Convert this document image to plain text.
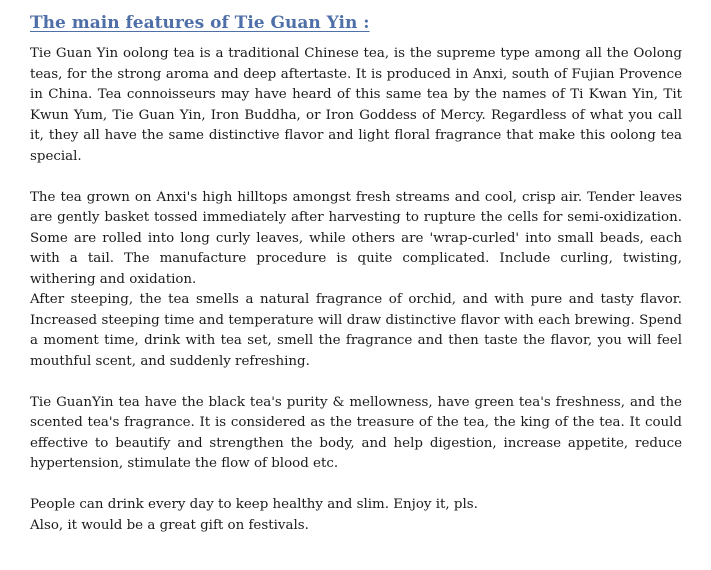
The main features of Tie Guan Yin :

Tie Guan Yin oolong tea is a traditional Chinese tea, is the supreme type among all the Oolong teas, for the strong aroma and deep aftertaste. It is produced in Anxi, south of Fujian Provence in China. Tea connoisseurs may have heard of this same tea by the names of Ti Kwan Yin, Tit Kwun Yum, Tie Guan Yin, Iron Buddha, or Iron Goddess of Mercy. Regardless of what you call it, they all have the same distinctive flavor and light floral fragrance that make this oolong tea special.

The tea grown on Anxi's high hilltops amongst fresh streams and cool, crisp air. Tender leaves are gently basket tossed immediately after harvesting to rupture the cells for semi-oxidization. Some are rolled into long curly leaves, while others are 'wrap-curled' into small beads, each with a tail. The manufacture procedure is quite complicated. Include curling, twisting, withering and oxidation.

After steeping, the tea smells a natural fragrance of orchid, and with pure and tasty flavor. Increased steeping time and temperature will draw distinctive flavor with each brewing. Spend a moment time, drink with tea set, smell the fragrance and then taste the flavor, you will feel mouthful scent, and suddenly refreshing.

Tie GuanYin tea have the black tea's purity & mellowness, have green tea's freshness, and the scented tea's fragrance. It is considered as the treasure of the tea, the king of the tea. It could effective to beautify and strengthen the body, and help digestion, increase appetite, reduce hypertension, stimulate the flow of blood etc.

People can drink every day to keep healthy and slim. Enjoy it, pls.

Also, it would be a great gift on festivals.
